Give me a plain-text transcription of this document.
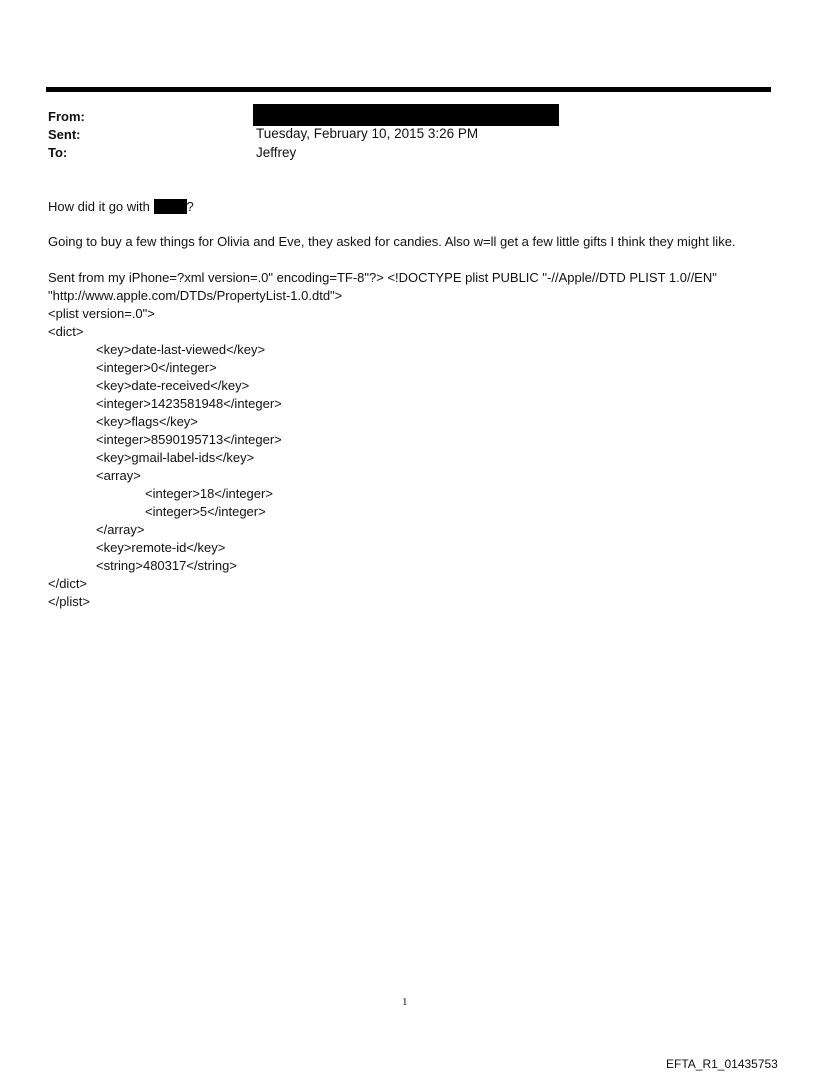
From:
Sent:	Tuesday, February 10, 2015 3:26 PM
To:	Jeffrey
How did it go with	?
Going to buy a few things for Olivia and Eve, they asked for candies. Also w=ll get a few little gifts I think they might like.
Sent from my iPhone=?xml version=.0" encoding=TF-8"?> <!DOCTYPE plist PUBLIC "-//Apple//DTD PLIST 1.0//EN"
"http://www.apple.com/DTDs/PropertyList-1.0.dtd">
<plist version=.0">
<dict>
<key>date-last-viewed</key>
<integer>0</integer>
<key>date-received</key>
<integer>1423581948</integer>
<key>flags</key>
<integer>8590195713</integer>
<key>gmail-label-ids</key>
<array>
<integer>18</integer>
<integer>5</integer>
</array>
<key>remote-id</key>
<string>480317</string>
</dict>
</plist>
1
EFTA_R1_01435753
